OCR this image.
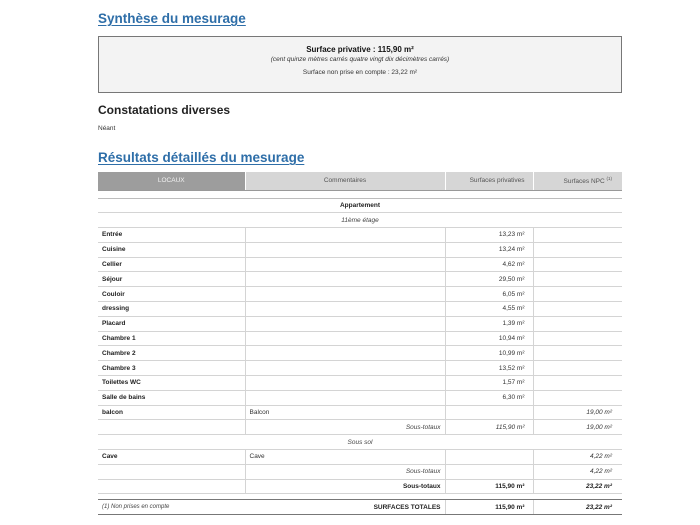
Synthèse du mesurage
Surface privative : 115,90 m²
(cent quinze mètres carrés quatre vingt dix décimètres carrés)
Surface non prise en compte : 23,22 m²
Constatations diverses
Néant
Résultats détaillés du mesurage
LOCAUX	Commentaires	Surfaces privatives	Surfaces NPC $^{(1)}$

Appartement			
11ème étage			
Entrée		13,23 m²	
Cuisine		13,24 m²	
Cellier		4,62 m²	
Séjour		29,50 m²	
Couloir		6,05 m²	
dressing		4,55 m²	
Placard		1,39 m²	
Chambre 1		10,94 m²	
Chambre 2		10,99 m²	
Chambre 3		13,52 m²	
Toilettes WC		1,57 m²	
Salle de bains		6,30 m²	
balcon	Balcon		19,00 m²
	Sous-totaux	115,90 m²	19,00 m²
Sous sol			
Cave	Cave		4,22 m²
	Sous-totaux		4,22 m²
	Sous-totaux	115,90 m²	23,22 m²

(1) Non prises en compte	SURFACES TOTALES	115,90 m²	23,22 m²
